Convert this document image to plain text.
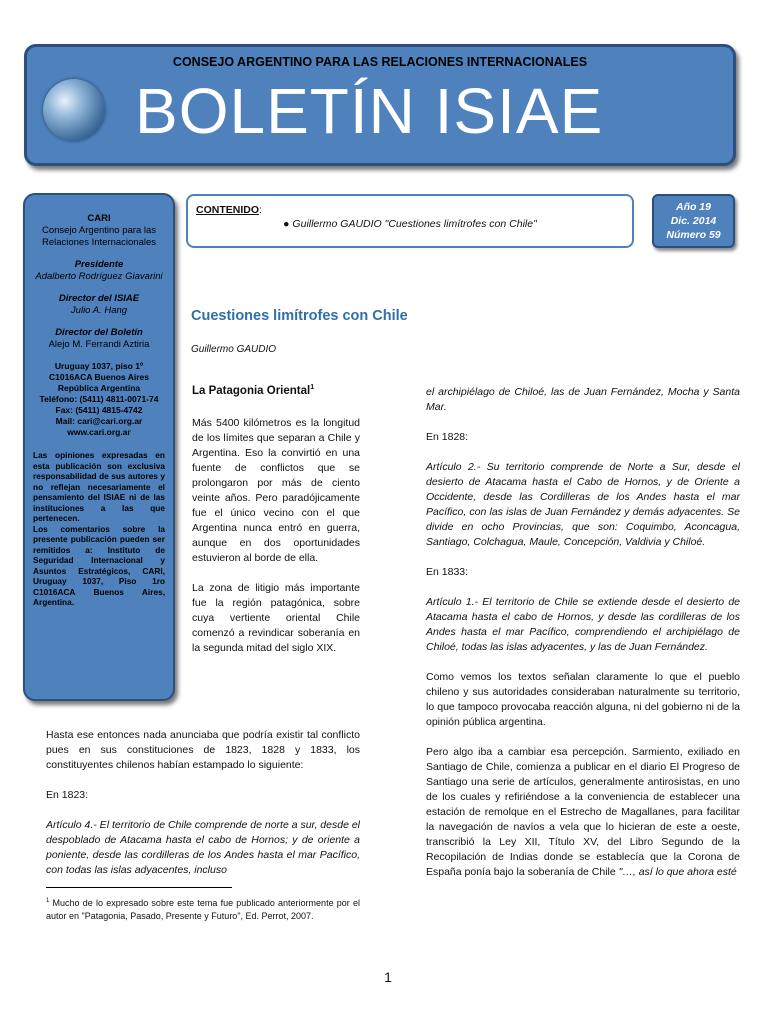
CONSEJO ARGENTINO PARA LAS RELACIONES INTERNACIONALES
BOLETÍN ISIAE
CARI
Consejo Argentino para las Relaciones Internacionales
Presidente
Adalberto Rodríguez Giavarini
Director del ISIAE
Julio A. Hang
Director del Boletín
Alejo M. Ferrandi Aztiria
Uruguay 1037, piso 1º
C1016ACA Buenos Aires
República Argentina
Teléfono: (5411) 4811-0071-74
Fax: (5411) 4815-4742
Mail: cari@cari.org.ar
www.cari.org.ar
Las opiniones expresadas en esta publicación son exclusiva responsabilidad de sus autores y no reflejan necesariamente el pensamiento del ISIAE ni de las instituciones a las que pertenecen.
Los comentarios sobre la presente publicación pueden ser remitidos a: Instituto de Seguridad Internacional y Asuntos Estratégicos, CARI, Uruguay 1037, Piso 1ro C1016ACA Buenos Aires, Argentina.
CONTENIDO:
● Guillermo GAUDIO "Cuestiones limítrofes con Chile"
Año 19
Dic. 2014
Número 59
Cuestiones limítrofes con Chile
Guillermo GAUDIO
La Patagonia Oriental$^1$

Más 5400 kilómetros es la longitud de los límites que separan a Chile y Argentina. Eso la convirtió en una fuente de conflictos que se prolongaron por más de ciento veinte años. Pero paradójicamente fue el único vecino con el que Argentina nunca entró en guerra, aunque en dos oportunidades estuvieron al borde de ella.

La zona de litigio más importante fue la región patagónica, sobre cuya vertiente oriental Chile comenzó a revindicar soberanía en la segunda mitad del siglo XIX.

Hasta ese entonces nada anunciaba que podría existir tal conflicto pues en sus constituciones de 1823, 1828 y 1833, los constituyentes chilenos habían estampado lo siguiente:

En 1823:

Artículo 4.- El territorio de Chile comprende de norte a sur, desde el despoblado de Atacama hasta el cabo de Hornos; y de oriente a poniente, desde las cordilleras de los Andes hasta el mar Pacífico, con todas las islas adyacentes, incluso

el archipiélago de Chiloé, las de Juan Fernández, Mocha y Santa Mar.

En 1828:

Artículo 2.- Su territorio comprende de Norte a Sur, desde el desierto de Atacama hasta el Cabo de Hornos, y de Oriente a Occidente, desde las Cordilleras de los Andes hasta el mar Pacífico, con las islas de Juan Fernández y demás adyacentes. Se divide en ocho Provincias, que son: Coquimbo, Aconcagua, Santiago, Colchagua, Maule, Concepción, Valdivia y Chiloé.

En 1833:

Artículo 1.- El territorio de Chile se extiende desde el desierto de Atacama hasta el cabo de Hornos, y desde las cordilleras de los Andes hasta el mar Pacífico, comprendiendo el archipiélago de Chiloé, todas las islas adyacentes, y las de Juan Fernández.

Como vemos los textos señalan claramente lo que el pueblo chileno y sus autoridades consideraban naturalmente su territorio, lo que tampoco provocaba reacción alguna, ni del gobierno ni de la opinión pública argentina.

Pero algo iba a cambiar esa percepción. Sarmiento, exiliado en Santiago de Chile, comienza a publicar en el diario El Progreso de Santiago una serie de artículos, generalmente antirosistas, en uno de los cuales y refiriéndose a la conveniencia de establecer una estación de remolque en el Estrecho de Magallanes, para facilitar la navegación de navíos a vela que lo hicieran de este a oeste, transcribió la Ley XII, Título XV, del Libro Segundo de la Recopilación de Indias donde se establecía que la Corona de España ponía bajo la soberanía de Chile "…, así lo que ahora esté

$^1$ Mucho de lo expresado sobre este tema fue publicado anteriormente por el autor en "Patagonia, Pasado, Presente y Futuro", Ed. Perrot, 2007.
1
